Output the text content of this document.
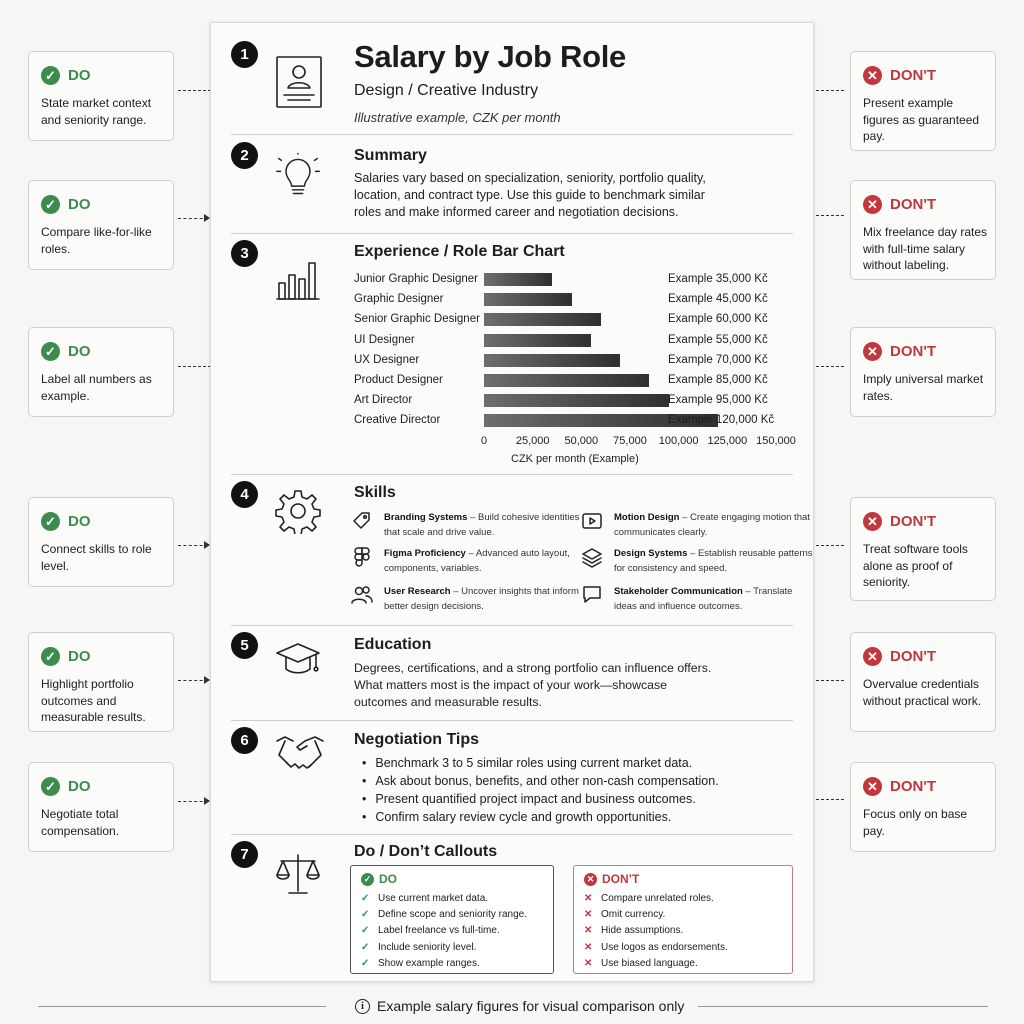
✓ DO
State market context and seniority range.
✓ DO
Compare like-for-like roles.
✓ DO
Label all numbers as example.
✓ DO
Connect skills to role level.
✓ DO
Highlight portfolio outcomes and measurable results.
✓ DO
Negotiate total compensation.
✕ DON'T
Present example figures as guaranteed pay.
✕ DON'T
Mix freelance day rates with full-time salary without labeling.
✕ DON'T
Imply universal market rates.
✕ DON'T
Treat software tools alone as proof of seniority.
✕ DON'T
Overvalue credentials without practical work.
✕ DON'T
Focus only on base pay.
1	Salary by Job Role
Design / Creative Industry
Illustrative example, CZK per month
2	Summary
Salaries vary based on specialization, seniority, portfolio quality, location, and contract type. Use this guide to benchmark similar roles and make informed career and negotiation decisions.
3	Experience / Role Bar Chart
Junior Graphic Designer	Example 35,000 Kč
Graphic Designer	Example 45,000 Kč
Senior Graphic Designer	Example 60,000 Kč
UI Designer	Example 55,000 Kč
UX Designer	Example 70,000 Kč
Product Designer	Example 85,000 Kč
Art Director	Example 95,000 Kč
Creative Director	Example 120,000 Kč
0	25,000 50,000 75,000 100,000 125,000 150,000
CZK per month (Example)
4	Skills
Branding Systems – Build cohesive identities that scale and drive value.
Motion Design – Create engaging motion that communicates clearly.
Figma Proficiency – Advanced auto layout, components, variables.
Design Systems – Establish reusable patterns for consistency and speed.
User Research – Uncover insights that inform better design decisions.
Stakeholder Communication – Translate ideas and influence outcomes.
5	Education
Degrees, certifications, and a strong portfolio can influence offers. What matters most is the impact of your work—showcase outcomes and measurable results.
6	Negotiation Tips
• Benchmark 3 to 5 similar roles using current market data.
• Ask about bonus, benefits, and other non-cash compensation.
• Present quantified project impact and business outcomes.
• Confirm salary review cycle and growth opportunities.
7	Do / Don’t Callouts
✓ DO
✓ Use current market data.
✓ Define scope and seniority range.
✓ Label freelance vs full-time.
✓ Include seniority level.
✓ Show example ranges.
✕ DON’T
✕ Compare unrelated roles.
✕ Omit currency.
✕ Hide assumptions.
✕ Use logos as endorsements.
✕ Use biased language.
i Example salary figures for visual comparison only
